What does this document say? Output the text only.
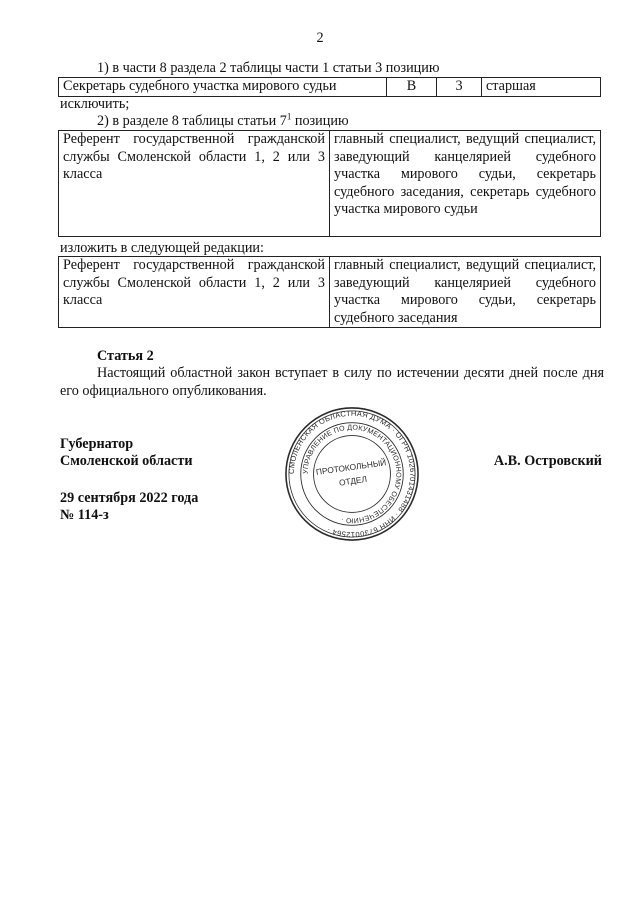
2
1) в части 8 раздела 2 таблицы части 1 статьи 3 позицию
Секретарь судебного участка мирового судьи	В	3	старшая
исключить;
2) в разделе 8 таблицы статьи $7^1$ позицию
Референт государственной гражданской службы Смоленской области 1, 2 или 3 класса	главный специалист, ведущий специалист, заведующий канцелярией судебного участка мирового судьи, секретарь судебного заседания, секретарь судебного участка мирового судьи
изложить в следующей редакции:
Референт государственной гражданской службы Смоленской области 1, 2 или 3 класса	главный специалист, ведущий специалист, заведующий канцелярией судебного участка мирового судьи, секретарь судебного заседания
Статья 2
Настоящий областной закон вступает в силу по истечении десяти дней после дня его официального опубликования.
Губернатор
Смоленской области	А.В. Островский
29 сентября 2022 года
№ 114-з
СМОЛЕНСКАЯ ОБЛАСТНАЯ ДУМА · ОГРН 1026701431488 · ИНН 6730012564 ·
УПРАВЛЕНИЕ ПО ДОКУМЕНТАЦИОННОМУ ОБЕСПЕЧЕНИЮ ·
ПРОТОКОЛЬНЫЙ
ОТДЕЛ
